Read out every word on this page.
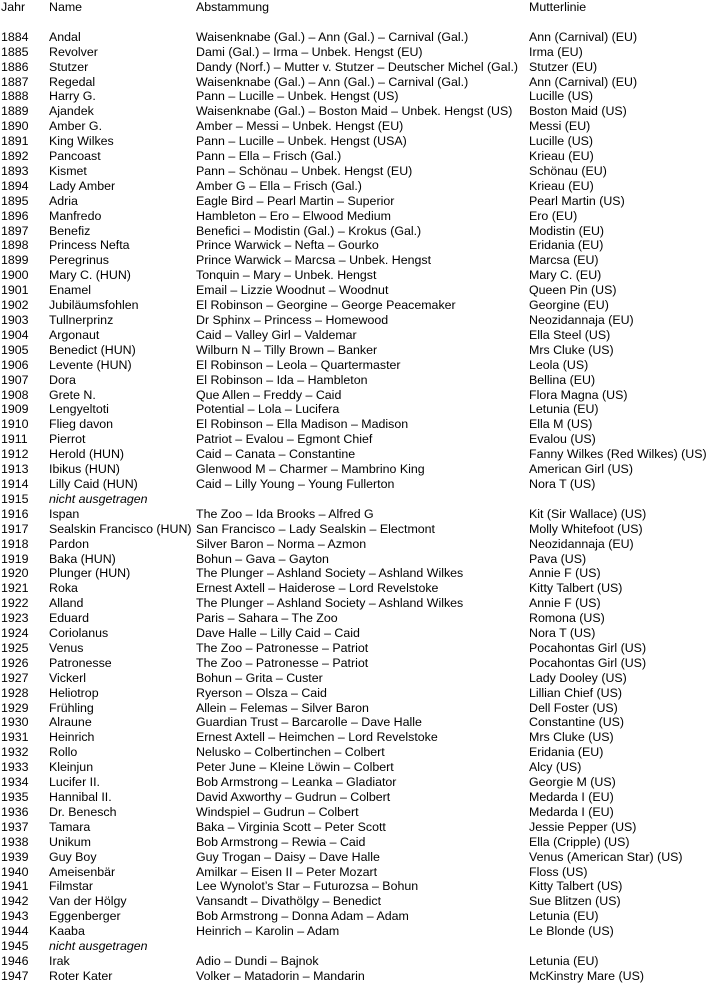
Jahr	Name	Abstammung	Mutterlinie

1884	Andal	Waisenknabe (Gal.) – Ann (Gal.) – Carnival (Gal.)	Ann (Carnival) (EU)
1885	Revolver	Dami (Gal.) – Irma – Unbek. Hengst (EU)	Irma (EU)
1886	Stutzer	Dandy (Norf.) – Mutter v. Stutzer – Deutscher Michel (Gal.)	Stutzer (EU)
1887	Regedal	Waisenknabe (Gal.) – Ann (Gal.) – Carnival (Gal.)	Ann (Carnival) (EU)
1888	Harry G.	Pann – Lucille – Unbek. Hengst (US)	Lucille (US)
1889	Ajandek	Waisenknabe (Gal.) – Boston Maid – Unbek. Hengst (US)	Boston Maid (US)
1890	Amber G.	Amber – Messi – Unbek. Hengst (EU)	Messi (EU)
1891	King Wilkes	Pann – Lucille – Unbek. Hengst (USA)	Lucille (US)
1892	Pancoast	Pann – Ella – Frisch (Gal.)	Krieau (EU)
1893	Kismet	Pann – Schönau – Unbek. Hengst (EU)	Schönau (EU)
1894	Lady Amber	Amber G – Ella – Frisch (Gal.)	Krieau (EU)
1895	Adria	Eagle Bird – Pearl Martin – Superior	Pearl Martin (US)
1896	Manfredo	Hambleton – Ero – Elwood Medium	Ero (EU)
1897	Benefiz	Benefici – Modistin (Gal.) – Krokus (Gal.)	Modistin (EU)
1898	Princess Nefta	Prince Warwick – Nefta – Gourko	Eridania (EU)
1899	Peregrinus	Prince Warwick – Marcsa – Unbek. Hengst	Marcsa (EU)
1900	Mary C. (HUN)	Tonquin – Mary – Unbek. Hengst	Mary C. (EU)
1901	Enamel	Email – Lizzie Woodnut – Woodnut	Queen Pin (US)
1902	Jubiläumsfohlen	El Robinson – Georgine – George Peacemaker	Georgine (EU)
1903	Tullnerprinz	Dr Sphinx – Princess – Homewood	Neozidannaja (EU)
1904	Argonaut	Caid – Valley Girl – Valdemar	Ella Steel (US)
1905	Benedict (HUN)	Wilburn N – Tilly Brown – Banker	Mrs Cluke (US)
1906	Levente (HUN)	El Robinson – Leola – Quartermaster	Leola (US)
1907	Dora	El Robinson – Ida – Hambleton	Bellina (EU)
1908	Grete N.	Que Allen – Freddy – Caid	Flora Magna (US)
1909	Lengyeltoti	Potential – Lola – Lucifera	Letunia (EU)
1910	Flieg davon	El Robinson – Ella Madison – Madison	Ella M (US)
1911	Pierrot	Patriot – Evalou – Egmont Chief	Evalou (US)
1912	Herold (HUN)	Caid – Canata – Constantine	Fanny Wilkes (Red Wilkes) (US)
1913	Ibikus (HUN)	Glenwood M – Charmer – Mambrino King	American Girl (US)
1914	Lilly Caid (HUN)	Caid – Lilly Young – Young Fullerton	Nora T (US)
1915	nicht ausgetragen		
1916	Ispan	The Zoo – Ida Brooks – Alfred G	Kit (Sir Wallace) (US)
1917	Sealskin Francisco (HUN)	San Francisco – Lady Sealskin – Electmont	Molly Whitefoot (US)
1918	Pardon	Silver Baron – Norma – Azmon	Neozidannaja (EU)
1919	Baka (HUN)	Bohun – Gava – Gayton	Pava (US)
1920	Plunger (HUN)	The Plunger – Ashland Society – Ashland Wilkes	Annie F (US)
1921	Roka	Ernest Axtell – Haiderose – Lord Revelstoke	Kitty Talbert (US)
1922	Alland	The Plunger – Ashland Society – Ashland Wilkes	Annie F (US)
1923	Eduard	Paris – Sahara – The Zoo	Romona (US)
1924	Coriolanus	Dave Halle – Lilly Caid – Caid	Nora T (US)
1925	Venus	The Zoo – Patronesse – Patriot	Pocahontas Girl (US)
1926	Patronesse	The Zoo – Patronesse – Patriot	Pocahontas Girl (US)
1927	Vickerl	Bohun – Grita – Custer	Lady Dooley (US)
1928	Heliotrop	Ryerson – Olsza – Caid	Lillian Chief (US)
1929	Frühling	Allein – Felemas – Silver Baron	Dell Foster (US)
1930	Alraune	Guardian Trust – Barcarolle – Dave Halle	Constantine (US)
1931	Heinrich	Ernest Axtell – Heimchen – Lord Revelstoke	Mrs Cluke (US)
1932	Rollo	Nelusko – Colbertinchen – Colbert	Eridania (EU)
1933	Kleinjun	Peter June – Kleine Löwin – Colbert	Alcy (US)
1934	Lucifer II.	Bob Armstrong – Leanka – Gladiator	Georgie M (US)
1935	Hannibal II.	David Axworthy – Gudrun – Colbert	Medarda I (EU)
1936	Dr. Benesch	Windspiel – Gudrun – Colbert	Medarda I (EU)
1937	Tamara	Baka – Virginia Scott – Peter Scott	Jessie Pepper (US)
1938	Unikum	Bob Armstrong – Rewia – Caid	Ella (Cripple) (US)
1939	Guy Boy	Guy Trogan – Daisy – Dave Halle	Venus (American Star) (US)
1940	Ameisenbär	Amilkar – Eisen II – Peter Mozart	Floss (US)
1941	Filmstar	Lee Wynolot’s Star – Futurozsa – Bohun	Kitty Talbert (US)
1942	Van der Hölgy	Vansandt – Divathölgy – Benedict	Sue Blitzen (US)
1943	Eggenberger	Bob Armstrong – Donna Adam – Adam	Letunia (EU)
1944	Kaaba	Heinrich – Karolin – Adam	Le Blonde (US)
1945	nicht ausgetragen		
1946	Irak	Adio – Dundi – Bajnok	Letunia (EU)
1947	Roter Kater	Volker – Matadorin – Mandarin	McKinstry Mare (US)
